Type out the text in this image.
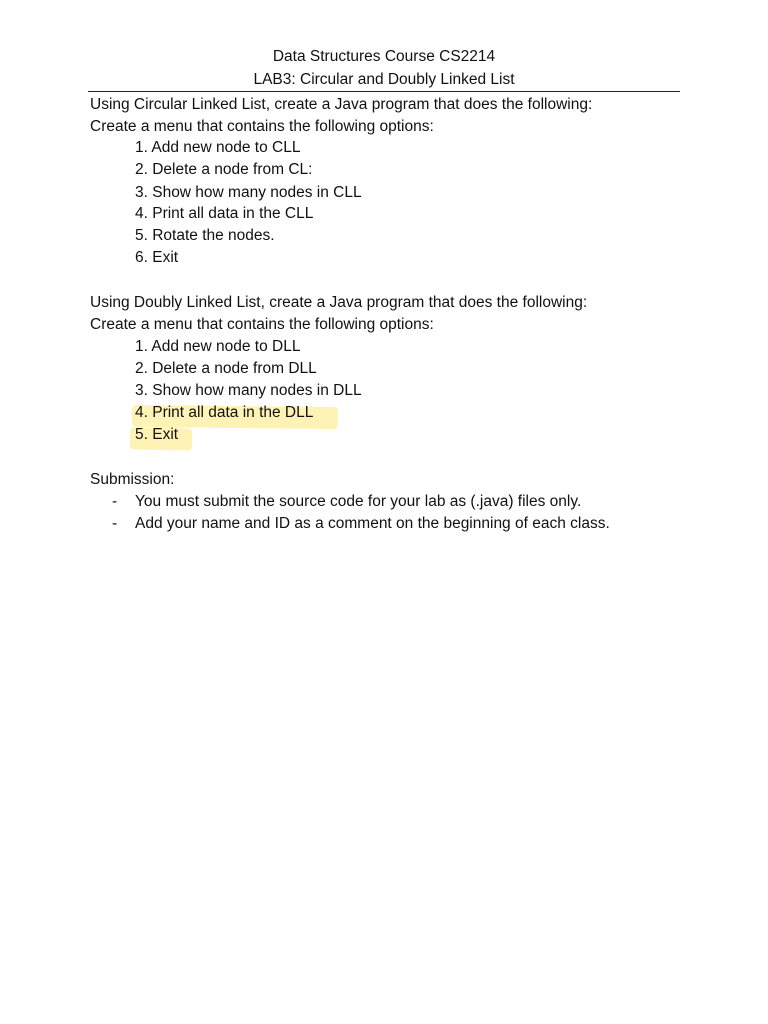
Data Structures Course CS2214
LAB3: Circular and Doubly Linked List
Using Circular Linked List, create a Java program that does the following:
Create a menu that contains the following options:
1. Add new node to CLL
2. Delete a node from CL:
3. Show how many nodes in CLL
4. Print all data in the CLL
5. Rotate the nodes.
6. Exit
Using Doubly Linked List, create a Java program that does the following:
Create a menu that contains the following options:
1. Add new node to DLL
2. Delete a node from DLL
3. Show how many nodes in DLL
4. Print all data in the DLL
5. Exit
Submission:
- You must submit the source code for your lab as (.java) files only.
- Add your name and ID as a comment on the beginning of each class.
